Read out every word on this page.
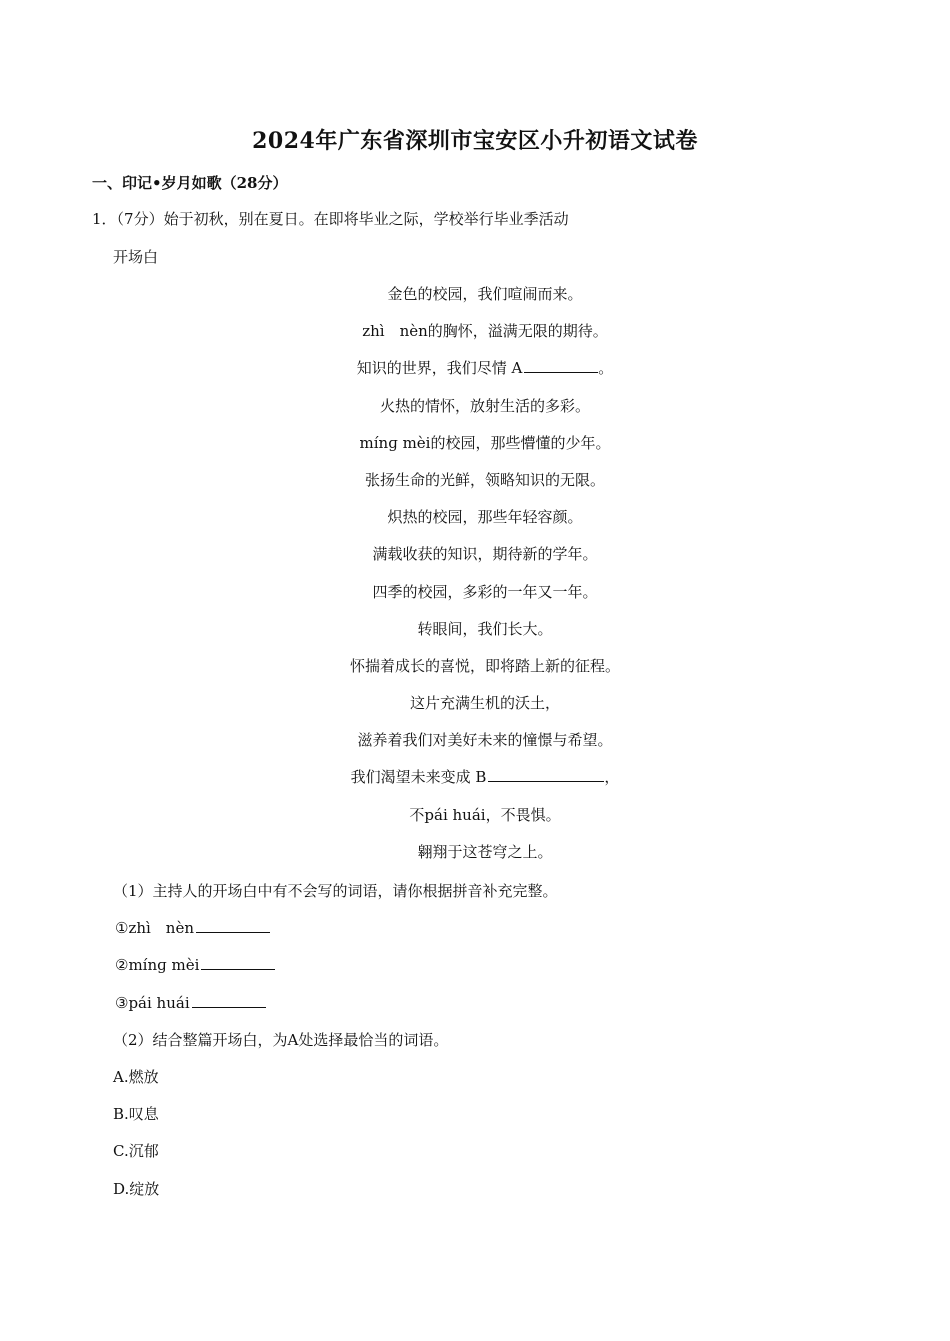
2024年广东省深圳市宝安区小升初语文试卷
一、印记•岁月如歌（28分）
1．（7分）始于初秋，别在夏日。在即将毕业之际，学校举行毕业季活动
开场白
金色的校园，我们喧闹而来。
zhì　nèn的胸怀，溢满无限的期待。
知识的世界，我们尽情 A	。
火热的情怀，放射生活的多彩。
mínɡ mèi的校园，那些懵懂的少年。
张扬生命的光鲜，领略知识的无限。
炽热的校园，那些年轻容颜。
满载收获的知识，期待新的学年。
四季的校园，多彩的一年又一年。
转眼间，我们长大。
怀揣着成长的喜悦，即将踏上新的征程。
这片充满生机的沃土，
滋养着我们对美好未来的憧憬与希望。
我们渴望未来变成 B	，
不pái huái，不畏惧。
翱翔于这苍穹之上。
（1）主持人的开场白中有不会写的词语，请你根据拼音补充完整。
①zhì　nèn
②mínɡ mèi
③pái huái
（2）结合整篇开场白，为A处选择最恰当的词语。
A.燃放
B.叹息
C.沉郁
D.绽放
